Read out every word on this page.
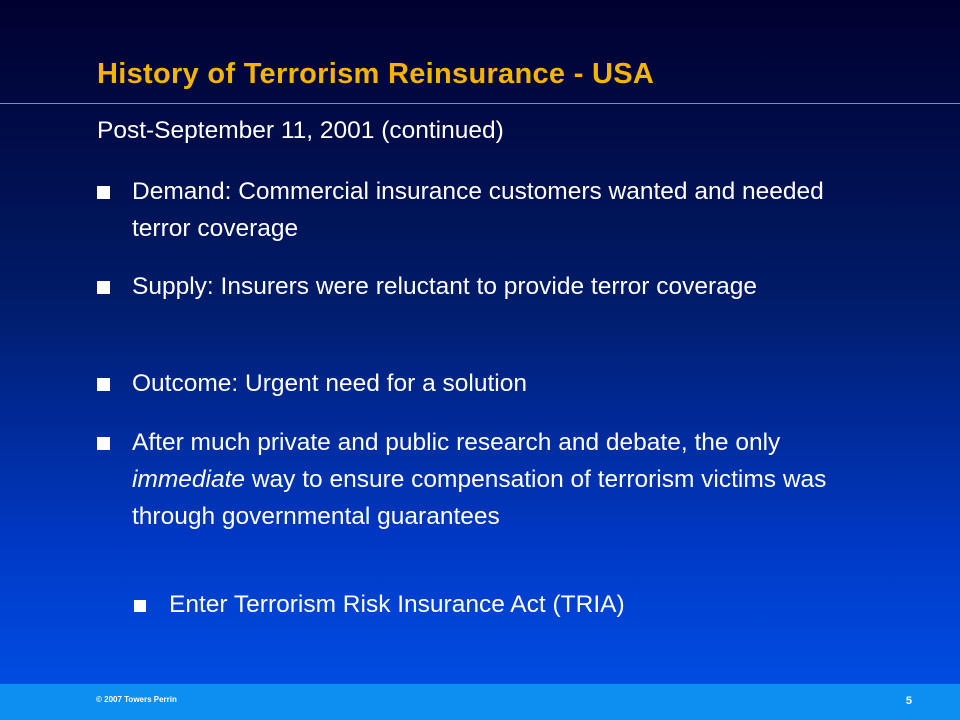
History of Terrorism Reinsurance - USA
Post-September 11, 2001 (continued)
Demand: Commercial insurance customers wanted and needed terror coverage
Supply: Insurers were reluctant to provide terror coverage
Outcome: Urgent need for a solution
After much private and public research and debate, the only immediate way to ensure compensation of terrorism victims was through governmental guarantees
Enter Terrorism Risk Insurance Act (TRIA)
© 2007 Towers Perrin	5
